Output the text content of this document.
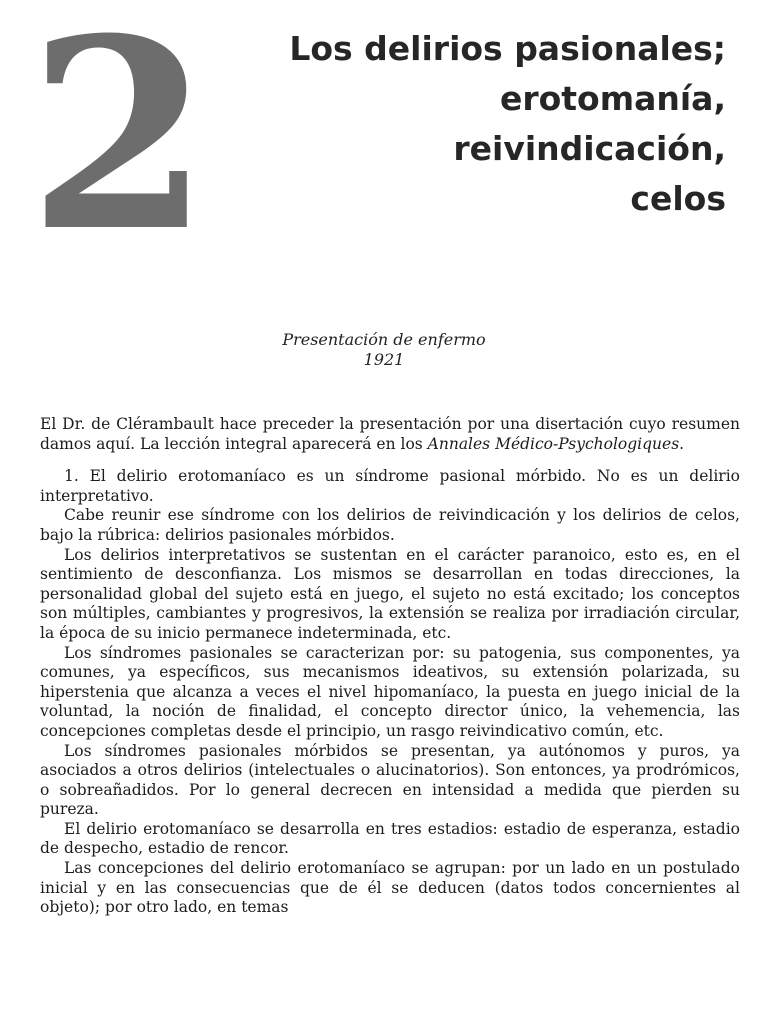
2	Los delirios pasionales;
erotomanía,
reivindicación,
celos
Presentación de enfermo
1921

El Dr. de Clérambault hace preceder la presentación por una disertación cuyo resumen damos aquí. La lección integral aparecerá en los Annales Médico-Psychologiques.

1. El delirio erotomaníaco es un síndrome pasional mórbido. No es un delirio interpretativo.

Cabe reunir ese síndrome con los delirios de reivindicación y los delirios de celos, bajo la rúbrica: delirios pasionales mórbidos.

Los delirios interpretativos se sustentan en el carácter paranoico, esto es, en el sentimiento de desconfianza. Los mismos se desarrollan en todas direcciones, la personalidad global del sujeto está en juego, el sujeto no está excitado; los conceptos son múltiples, cambiantes y progresivos, la extensión se realiza por irradiación circular, la época de su inicio permanece indeterminada, etc.

Los síndromes pasionales se caracterizan por: su patogenia, sus componentes, ya comunes, ya específicos, sus mecanismos ideativos, su extensión polarizada, su hiperstenia que alcanza a veces el nivel hipomaníaco, la puesta en juego inicial de la voluntad, la noción de finalidad, el concepto director único, la vehemencia, las concepciones completas desde el principio, un rasgo reivindicativo común, etc.

Los síndromes pasionales mórbidos se presentan, ya autónomos y puros, ya asociados a otros delirios (intelectuales o alucinatorios). Son entonces, ya prodrómicos, o sobreañadidos. Por lo general decrecen en intensidad a medida que pierden su pureza.

El delirio erotomaníaco se desarrolla en tres estadios: estadio de esperanza, estadio de despecho, estadio de rencor.

Las concepciones del delirio erotomaníaco se agrupan: por un lado en un postulado inicial y en las consecuencias que de él se deducen (datos todos concernientes al objeto); por otro lado, en temas
